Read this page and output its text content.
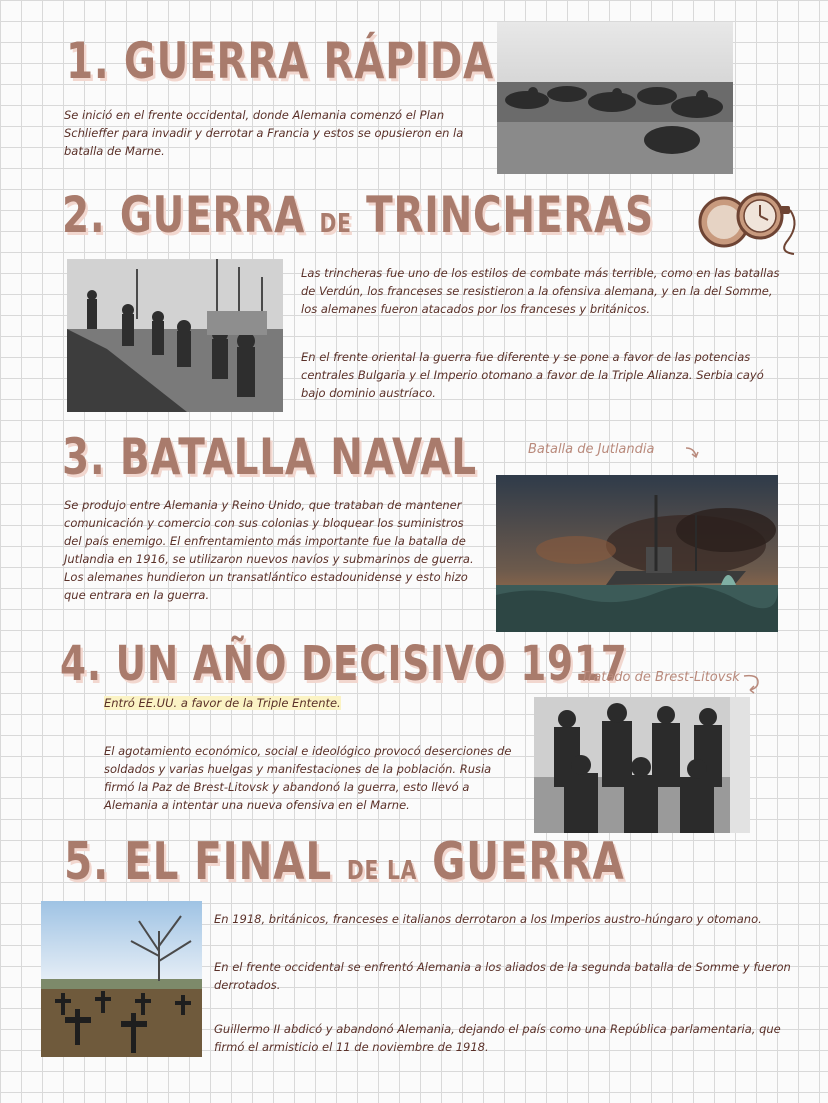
1. GUERRA RÁPIDA
Se inició en el frente occidental, donde Alemania comenzó el Plan Schlieffer para invadir y derrotar a Francia y estos se opusieron en la batalla de Marne.
2. GUERRA DE TRINCHERAS
Las trincheras fue uno de los estilos de combate más terrible, como en las batallas de Verdún, los franceses se resistieron a la ofensiva alemana, y en la del Somme, los alemanes fueron atacados por los franceses y británicos.
En el frente oriental la guerra fue diferente y se pone a favor de las potencias centrales Bulgaria y el Imperio otomano a favor de la Triple Alianza. Serbia cayó bajo dominio austríaco.
3. BATALLA NAVAL	Batalla de Jutlandia
Se produjo entre Alemania y Reino Unido, que trataban de mantener comunicación y comercio con sus colonias y bloquear los suministros del país enemigo. El enfrentamiento más importante fue la batalla de Jutlandia en 1916, se utilizaron nuevos navíos y submarinos de guerra. Los alemanes hundieron un transatlántico estadounidense y esto hizo que entrara en la guerra.
4. UN AÑO DECISIVO 1917
Tratado de Brest-Litovsk
Entró EE.UU. a favor de la Triple Entente.
El agotamiento económico, social e ideológico provocó deserciones de soldados y varias huelgas y manifestaciones de la población. Rusia firmó la Paz de Brest-Litovsk y abandonó la guerra, esto llevó a Alemania a intentar una nueva ofensiva en el Marne.
5. EL FINAL DE LA GUERRA
En 1918, británicos, franceses e italianos derrotaron a los Imperios austro-húngaro y otomano.
En el frente occidental se enfrentó Alemania a los aliados de la segunda batalla de Somme y fueron derrotados.
Guillermo II abdicó y abandonó Alemania, dejando el país como una República parlamentaria, que firmó el armisticio el 11 de noviembre de 1918.
